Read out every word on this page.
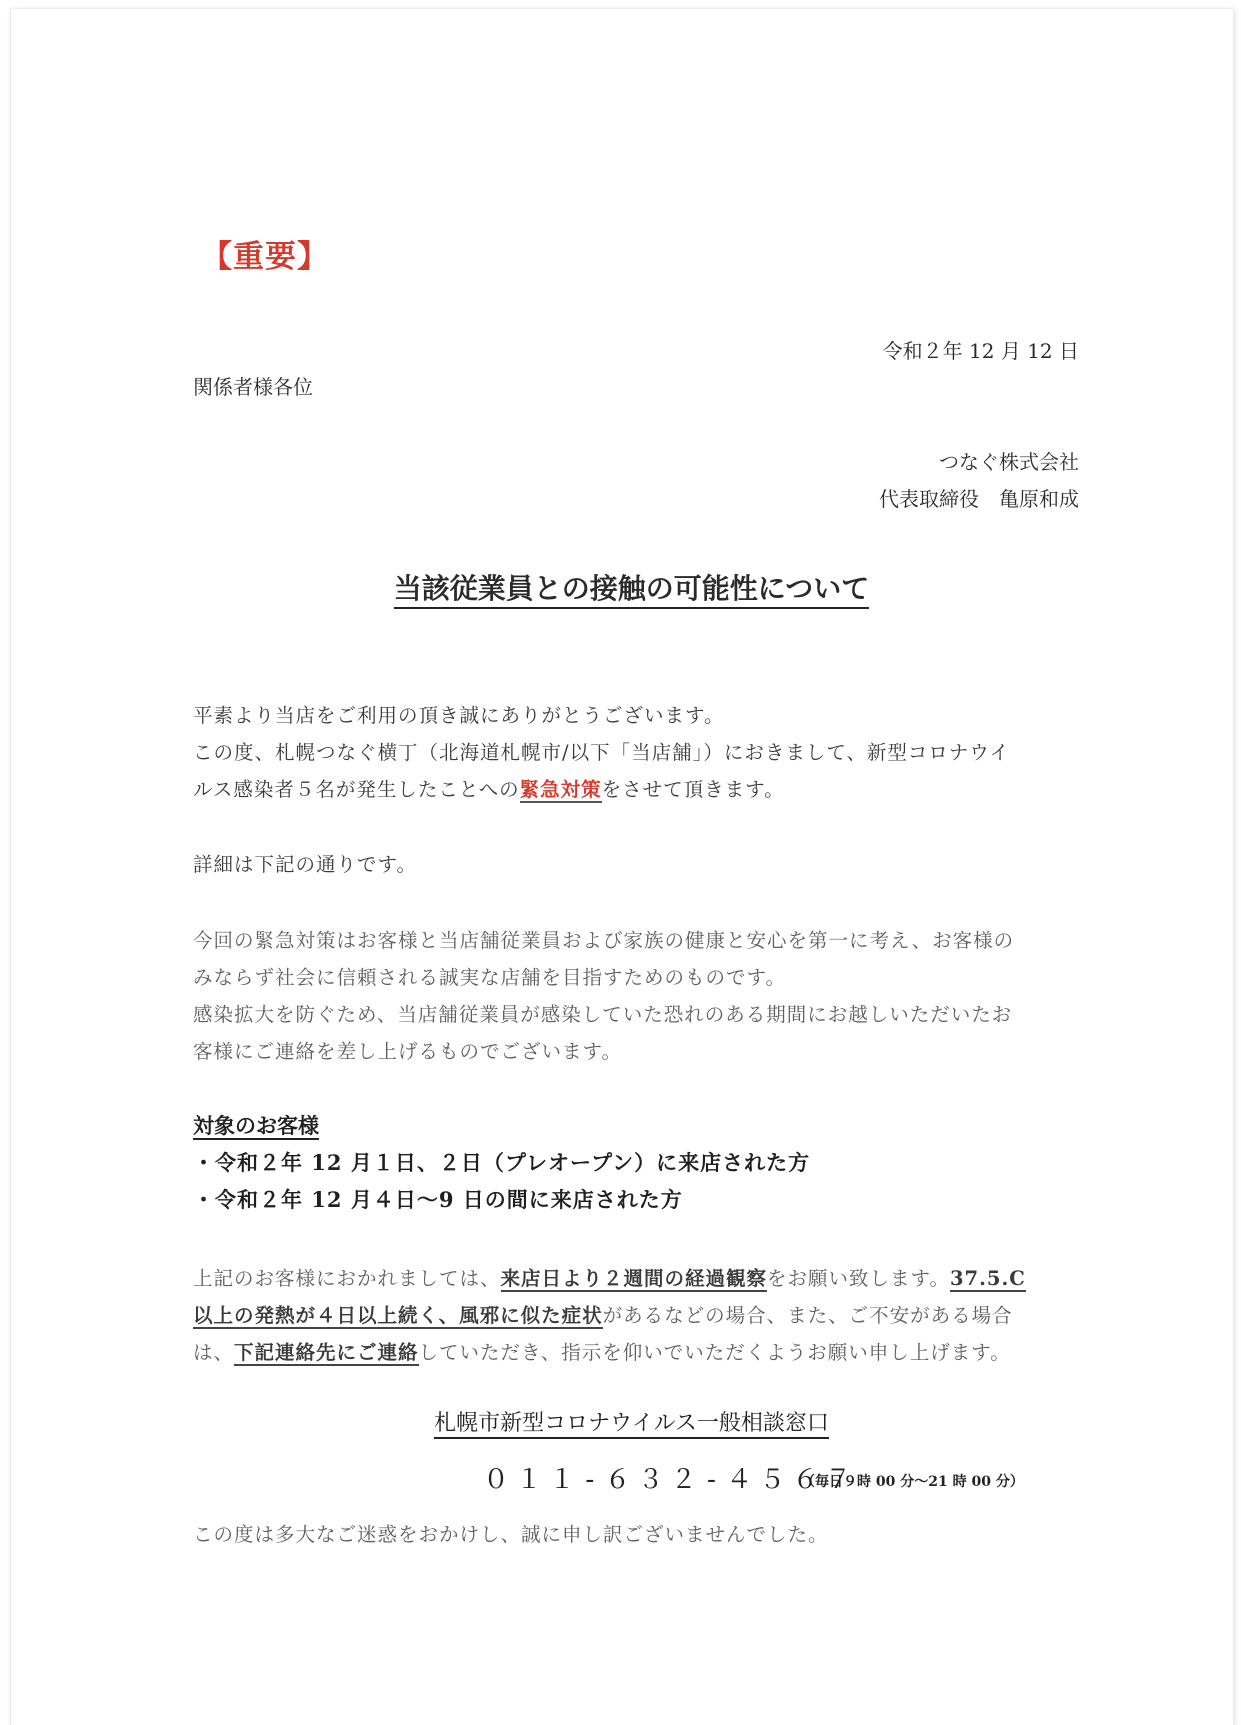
【重要】
令和２年 12 月 12 日
関係者様各位
つなぐ株式会社
代表取締役　亀原和成
当該従業員との接触の可能性について
平素より当店をご利用の頂き誠にありがとうございます。
この度、札幌つなぐ横丁（北海道札幌市/以下「当店舗」）におきまして、新型コロナウイ
ルス感染者５名が発生したことへの緊急対策をさせて頂きます。
詳細は下記の通りです。
今回の緊急対策はお客様と当店舗従業員および家族の健康と安心を第一に考え、お客様の
みならず社会に信頼される誠実な店舗を目指すためのものです。
感染拡大を防ぐため、当店舗従業員が感染していた恐れのある期間にお越しいただいたお
客様にご連絡を差し上げるものでございます。
対象のお客様
・令和２年 12 月１日、２日（プレオープン）に来店された方
・令和２年 12 月４日〜9 日の間に来店された方
上記のお客様におかれましては、来店日より２週間の経過観察をお願い致します。37.5.C
以上の発熱が４日以上続く、風邪に似た症状があるなどの場合、また、ご不安がある場合
は、下記連絡先にご連絡していただき、指示を仰いでいただくようお願い申し上げます。
札幌市新型コロナウイルス一般相談窓口
０１１-６３２-４５６７
（毎日９時 00 分〜21 時 00 分）
この度は多大なご迷惑をおかけし、誠に申し訳ございませんでした。
